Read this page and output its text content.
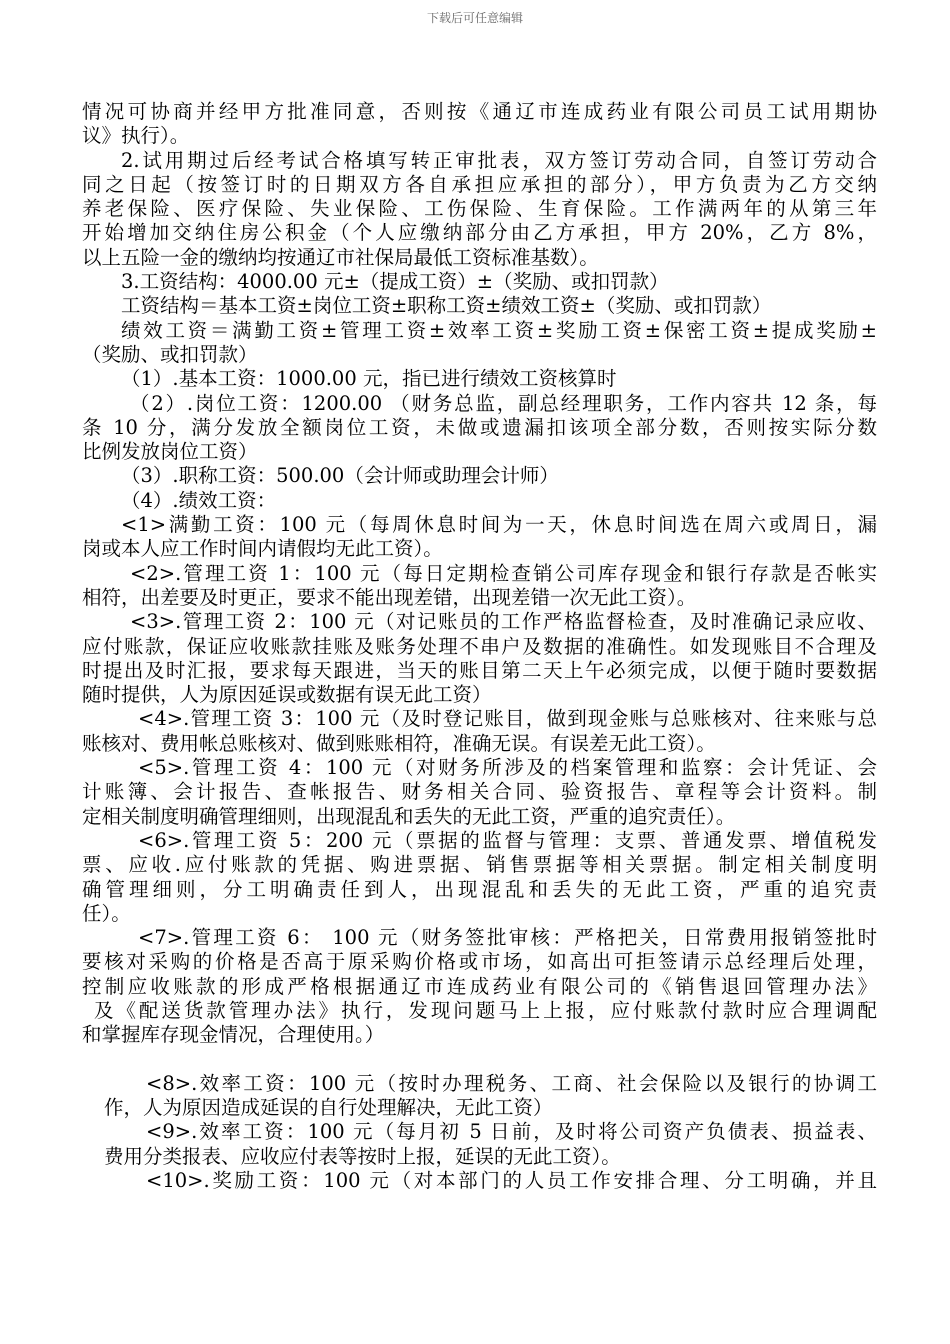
下载后可任意编辑
情况可协商并经甲方批准同意，否则按《通辽市连成药业有限公司员工试用期协
议》执行）。
2.试用期过后经考试合格填写转正审批表，双方签订劳动合同，自签订劳动合
同之日起（按签订时的日期双方各自承担应承担的部分），甲方负责为乙方交纳
养老保险、医疗保险、失业保险、工伤保险、生育保险。工作满两年的从第三年
开始增加交纳住房公积金（个人应缴纳部分由乙方承担，甲方 20%，乙方 8%，
以上五险一金的缴纳均按通辽市社保局最低工资标准基数）。
3.工资结构：4000.00 元±（提成工资）±（奖励、或扣罚款）
工资结构＝基本工资±岗位工资±职称工资±绩效工资±（奖励、或扣罚款）
绩效工资＝满勤工资±管理工资±效率工资±奖励工资±保密工资±提成奖励±
（奖励、或扣罚款）
（1）.基本工资：1000.00 元，指已进行绩效工资核算时
（2）.岗位工资：1200.00 （财务总监，副总经理职务，工作内容共 12 条，每
条 10 分，满分发放全额岗位工资，未做或遗漏扣该项全部分数，否则按实际分数
比例发放岗位工资）
（3）.职称工资：500.00（会计师或助理会计师）
（4）.绩效工资：
<1>满勤工资：100 元（每周休息时间为一天，休息时间选在周六或周日，漏
岗或本人应工作时间内请假均无此工资）。
<2>.管理工资 1：100 元（每日定期检查销公司库存现金和银行存款是否帐实
相符，出差要及时更正，要求不能出现差错，出现差错一次无此工资）。
<3>.管理工资 2：100 元（对记账员的工作严格监督检查，及时准确记录应收、
应付账款，保证应收账款挂账及账务处理不串户及数据的准确性。如发现账目不合理及
时提出及时汇报，要求每天跟进，当天的账目第二天上午必须完成，以便于随时要数据
随时提供，人为原因延误或数据有误无此工资）
<4>.管理工资 3：100 元（及时登记账目，做到现金账与总账核对、往来账与总
账核对、费用帐总账核对、做到账账相符，准确无误。有误差无此工资）。
<5>.管理工资 4：100 元（对财务所涉及的档案管理和监察：会计凭证、会
计账簿、会计报告、查帐报告、财务相关合同、验资报告、章程等会计资料。制
定相关制度明确管理细则，出现混乱和丢失的无此工资，严重的追究责任）。
<6>.管理工资 5：200 元（票据的监督与管理：支票、普通发票、增值税发
票、应收.应付账款的凭据、购进票据、销售票据等相关票据。制定相关制度明
确管理细则，分工明确责任到人，出现混乱和丢失的无此工资，严重的追究责
任）。
<7>.管理工资 6： 100 元（财务签批审核：严格把关，日常费用报销签批时
要核对采购的价格是否高于原采购价格或市场，如高出可拒签请示总经理后处理，
控制应收账款的形成严格根据通辽市连成药业有限公司的《销售退回管理办法》
及《配送货款管理办法》执行，发现问题马上上报，应付账款付款时应合理调配
和掌握库存现金情况，合理使用。）
<8>.效率工资：100 元（按时办理税务、工商、社会保险以及银行的协调工
作，人为原因造成延误的自行处理解决，无此工资）
<9>.效率工资：100 元（每月初 5 日前，及时将公司资产负债表、损益表、
费用分类报表、应收应付表等按时上报，延误的无此工资）。
<10>.奖励工资：100 元（对本部门的人员工作安排合理、分工明确，并且
